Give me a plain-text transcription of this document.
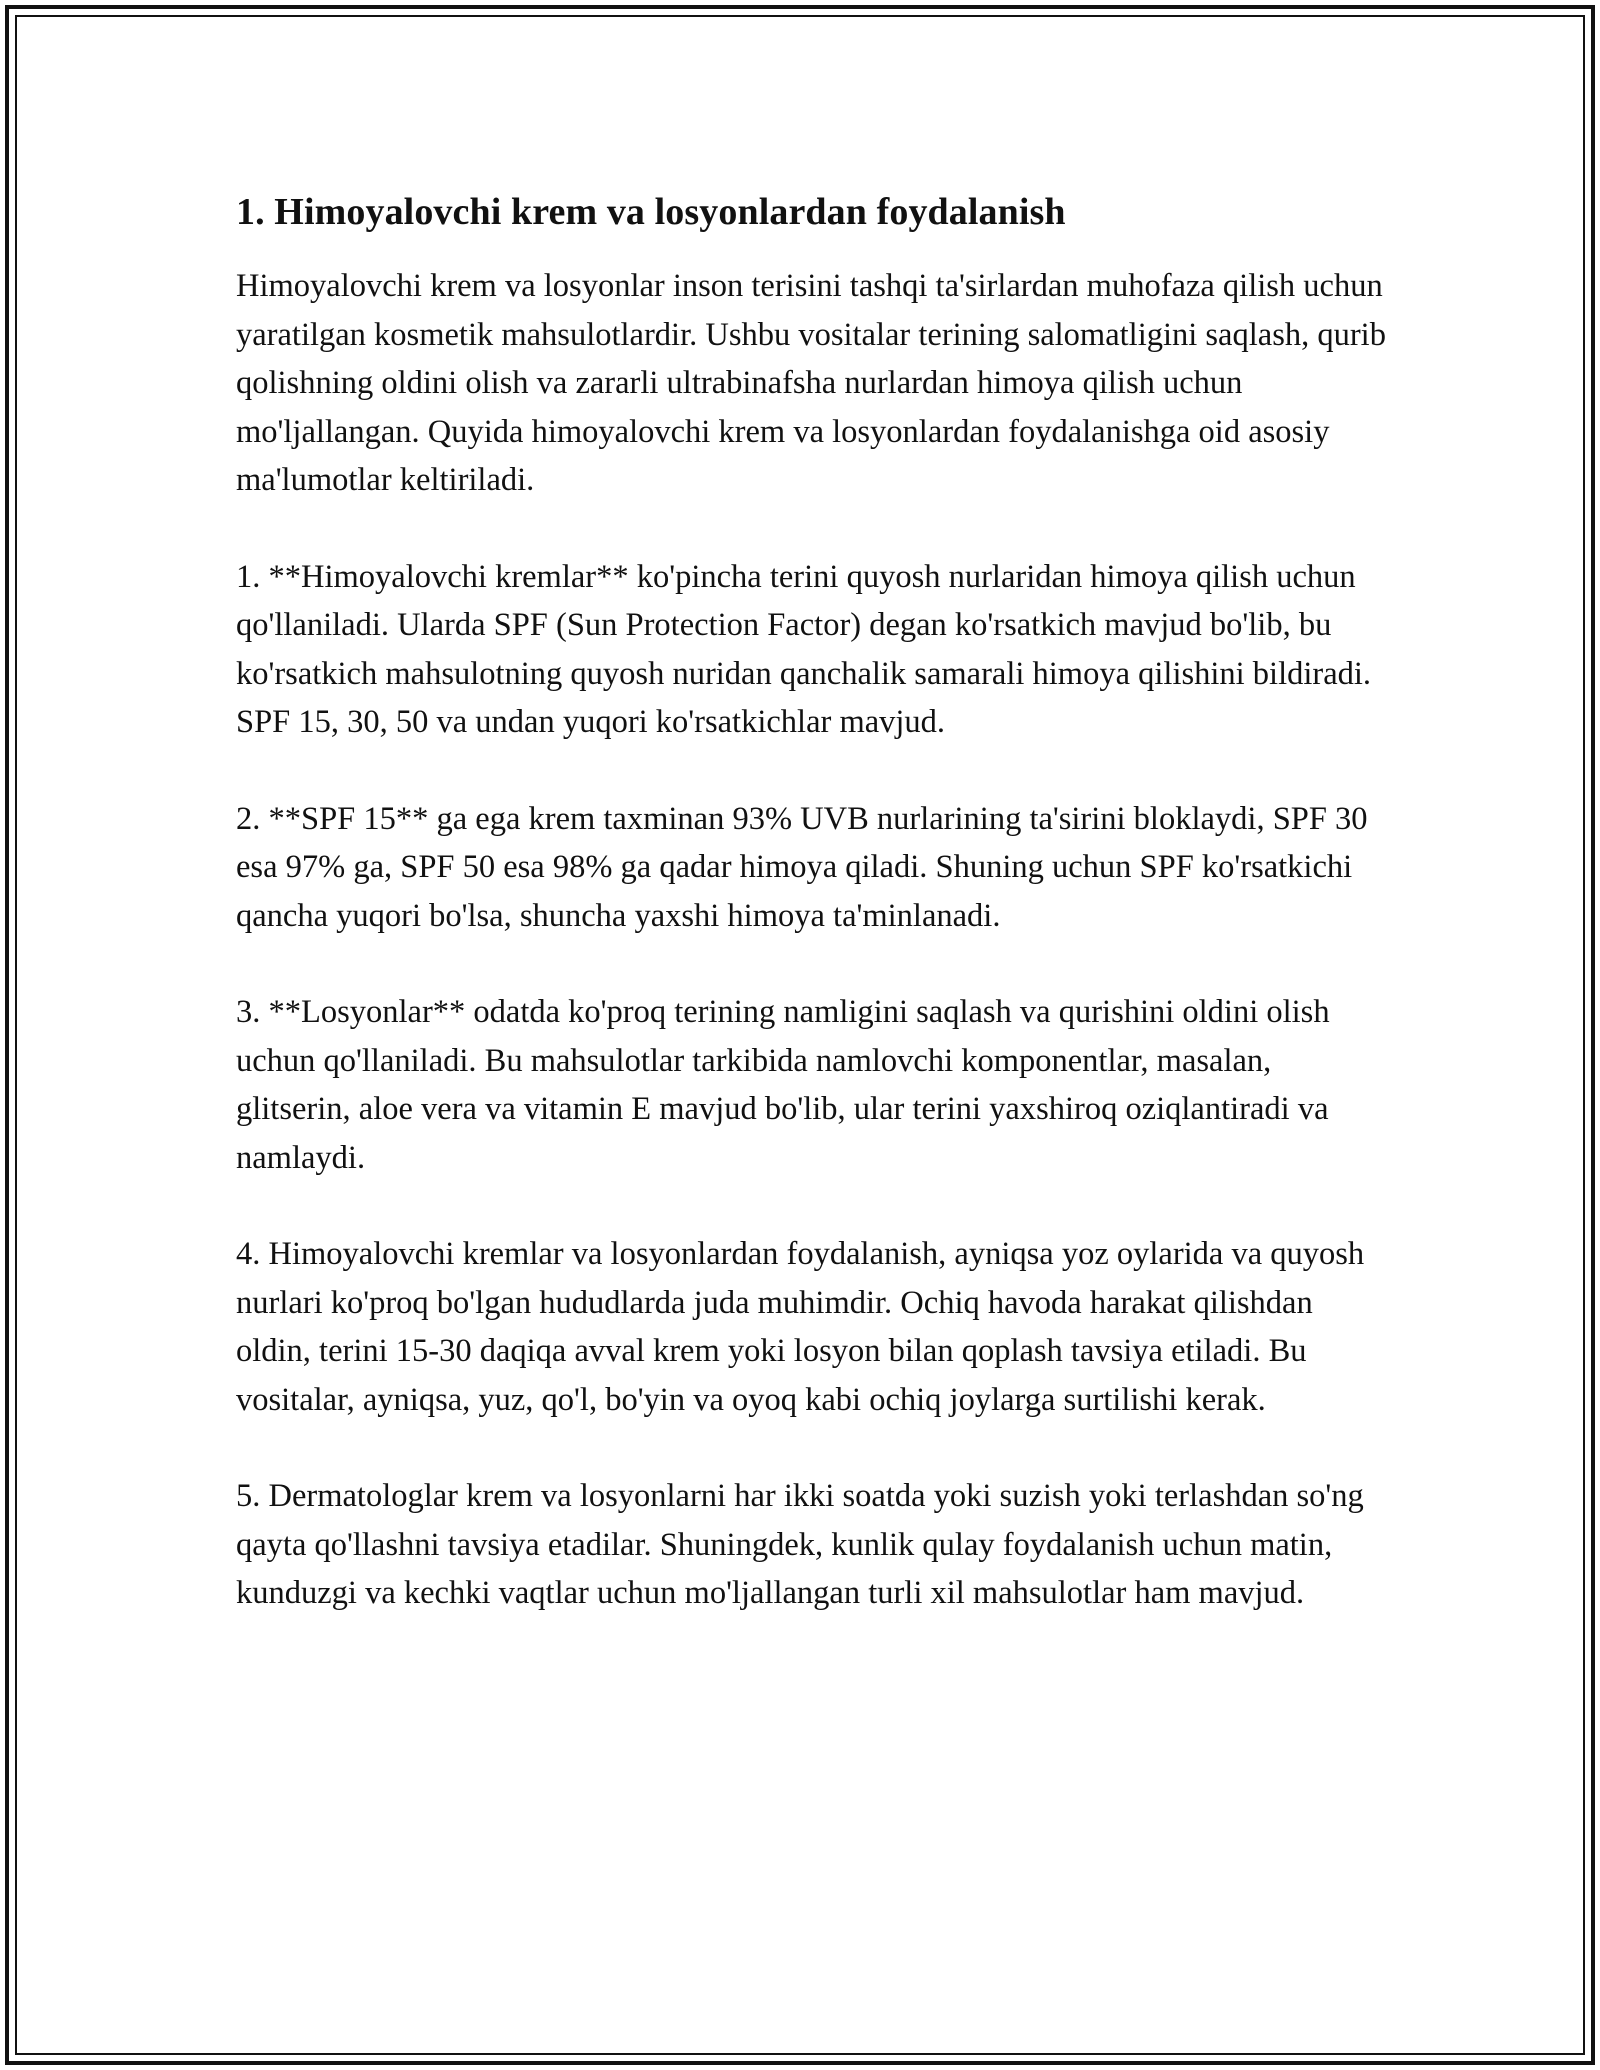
1. Himoyalovchi krem va losyonlardan foydalanish

Himoyalovchi krem va losyonlar inson terisini tashqi ta'sirlardan muhofaza qilish uchun yaratilgan kosmetik mahsulotlardir. Ushbu vositalar terining salomatligini saqlash, qurib qolishning oldini olish va zararli ultrabinafsha nurlardan himoya qilish uchun mo'ljallangan. Quyida himoyalovchi krem va losyonlardan foydalanishga oid asosiy ma'lumotlar keltiriladi.

1. **Himoyalovchi kremlar** ko'pincha terini quyosh nurlaridan himoya qilish uchun qo'llaniladi. Ularda SPF (Sun Protection Factor) degan ko'rsatkich mavjud bo'lib, bu ko'rsatkich mahsulotning quyosh nuridan qanchalik samarali himoya qilishini bildiradi. SPF 15, 30, 50 va undan yuqori ko'rsatkichlar mavjud.

2. **SPF 15** ga ega krem taxminan 93% UVB nurlarining ta'sirini bloklaydi, SPF 30 esa 97% ga, SPF 50 esa 98% ga qadar himoya qiladi. Shuning uchun SPF ko'rsatkichi qancha yuqori bo'lsa, shuncha yaxshi himoya ta'minlanadi.

3. **Losyonlar** odatda ko'proq terining namligini saqlash va qurishini oldini olish uchun qo'llaniladi. Bu mahsulotlar tarkibida namlovchi komponentlar, masalan, glitserin, aloe vera va vitamin E mavjud bo'lib, ular terini yaxshiroq oziqlantiradi va namlaydi.

4. Himoyalovchi kremlar va losyonlardan foydalanish, ayniqsa yoz oylarida va quyosh nurlari ko'proq bo'lgan hududlarda juda muhimdir. Ochiq havoda harakat qilishdan oldin, terini 15-30 daqiqa avval krem yoki losyon bilan qoplash tavsiya etiladi. Bu vositalar, ayniqsa, yuz, qo'l, bo'yin va oyoq kabi ochiq joylarga surtilishi kerak.

5. Dermatologlar krem va losyonlarni har ikki soatda yoki suzish yoki terlashdan so'ng qayta qo'llashni tavsiya etadilar. Shuningdek, kunlik qulay foydalanish uchun matin, kunduzgi va kechki vaqtlar uchun mo'ljallangan turli xil mahsulotlar ham mavjud.
